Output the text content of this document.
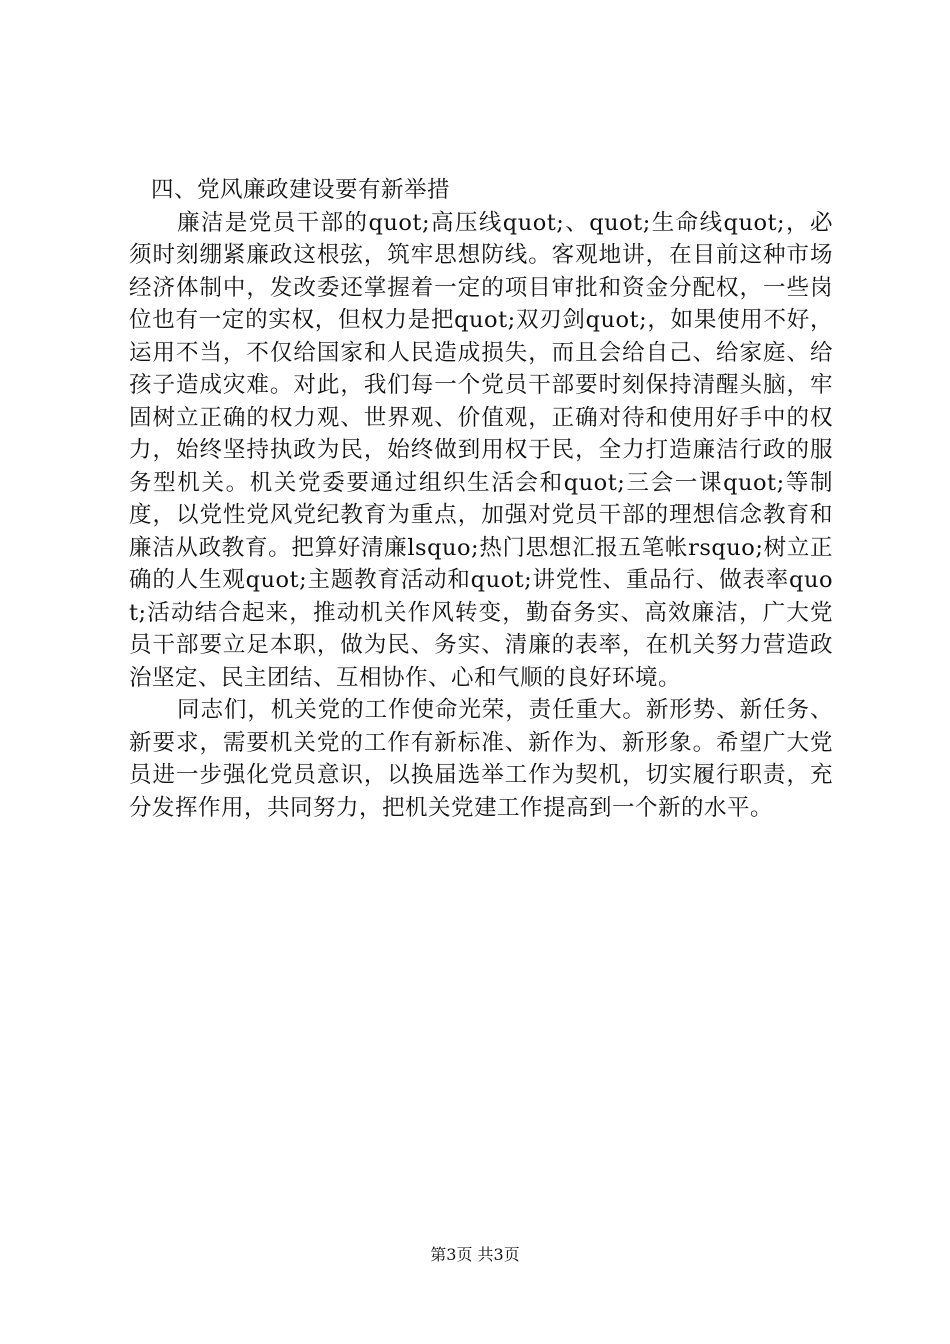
四、党风廉政建设要有新举措

廉洁是党员干部的quot;高压线quot;、quot;生命线quot;，必须时刻绷紧廉政这根弦，筑牢思想防线。客观地讲，在目前这种市场经济体制中，发改委还掌握着一定的项目审批和资金分配权，一些岗位也有一定的实权，但权力是把quot;双刃剑quot;，如果使用不好，运用不当，不仅给国家和人民造成损失，而且会给自己、给家庭、给孩子造成灾难。对此，我们每一个党员干部要时刻保持清醒头脑，牢固树立正确的权力观、世界观、价值观，正确对待和使用好手中的权力，始终坚持执政为民，始终做到用权于民，全力打造廉洁行政的服务型机关。机关党委要通过组织生活会和quot;三会一课quot;等制度，以党性党风党纪教育为重点，加强对党员干部的理想信念教育和廉洁从政教育。把算好清廉lsquo;热门思想汇报五笔帐rsquo;树立正确的人生观quot;主题教育活动和quot;讲党性、重品行、做表率quot;活动结合起来，推动机关作风转变，勤奋务实、高效廉洁，广大党员干部要立足本职，做为民、务实、清廉的表率，在机关努力营造政治坚定、民主团结、互相协作、心和气顺的良好环境。

同志们，机关党的工作使命光荣，责任重大。新形势、新任务、新要求，需要机关党的工作有新标准、新作为、新形象。希望广大党员进一步强化党员意识，以换届选举工作为契机，切实履行职责，充分发挥作用，共同努力，把机关党建工作提高到一个新的水平。

第3页 共3页
